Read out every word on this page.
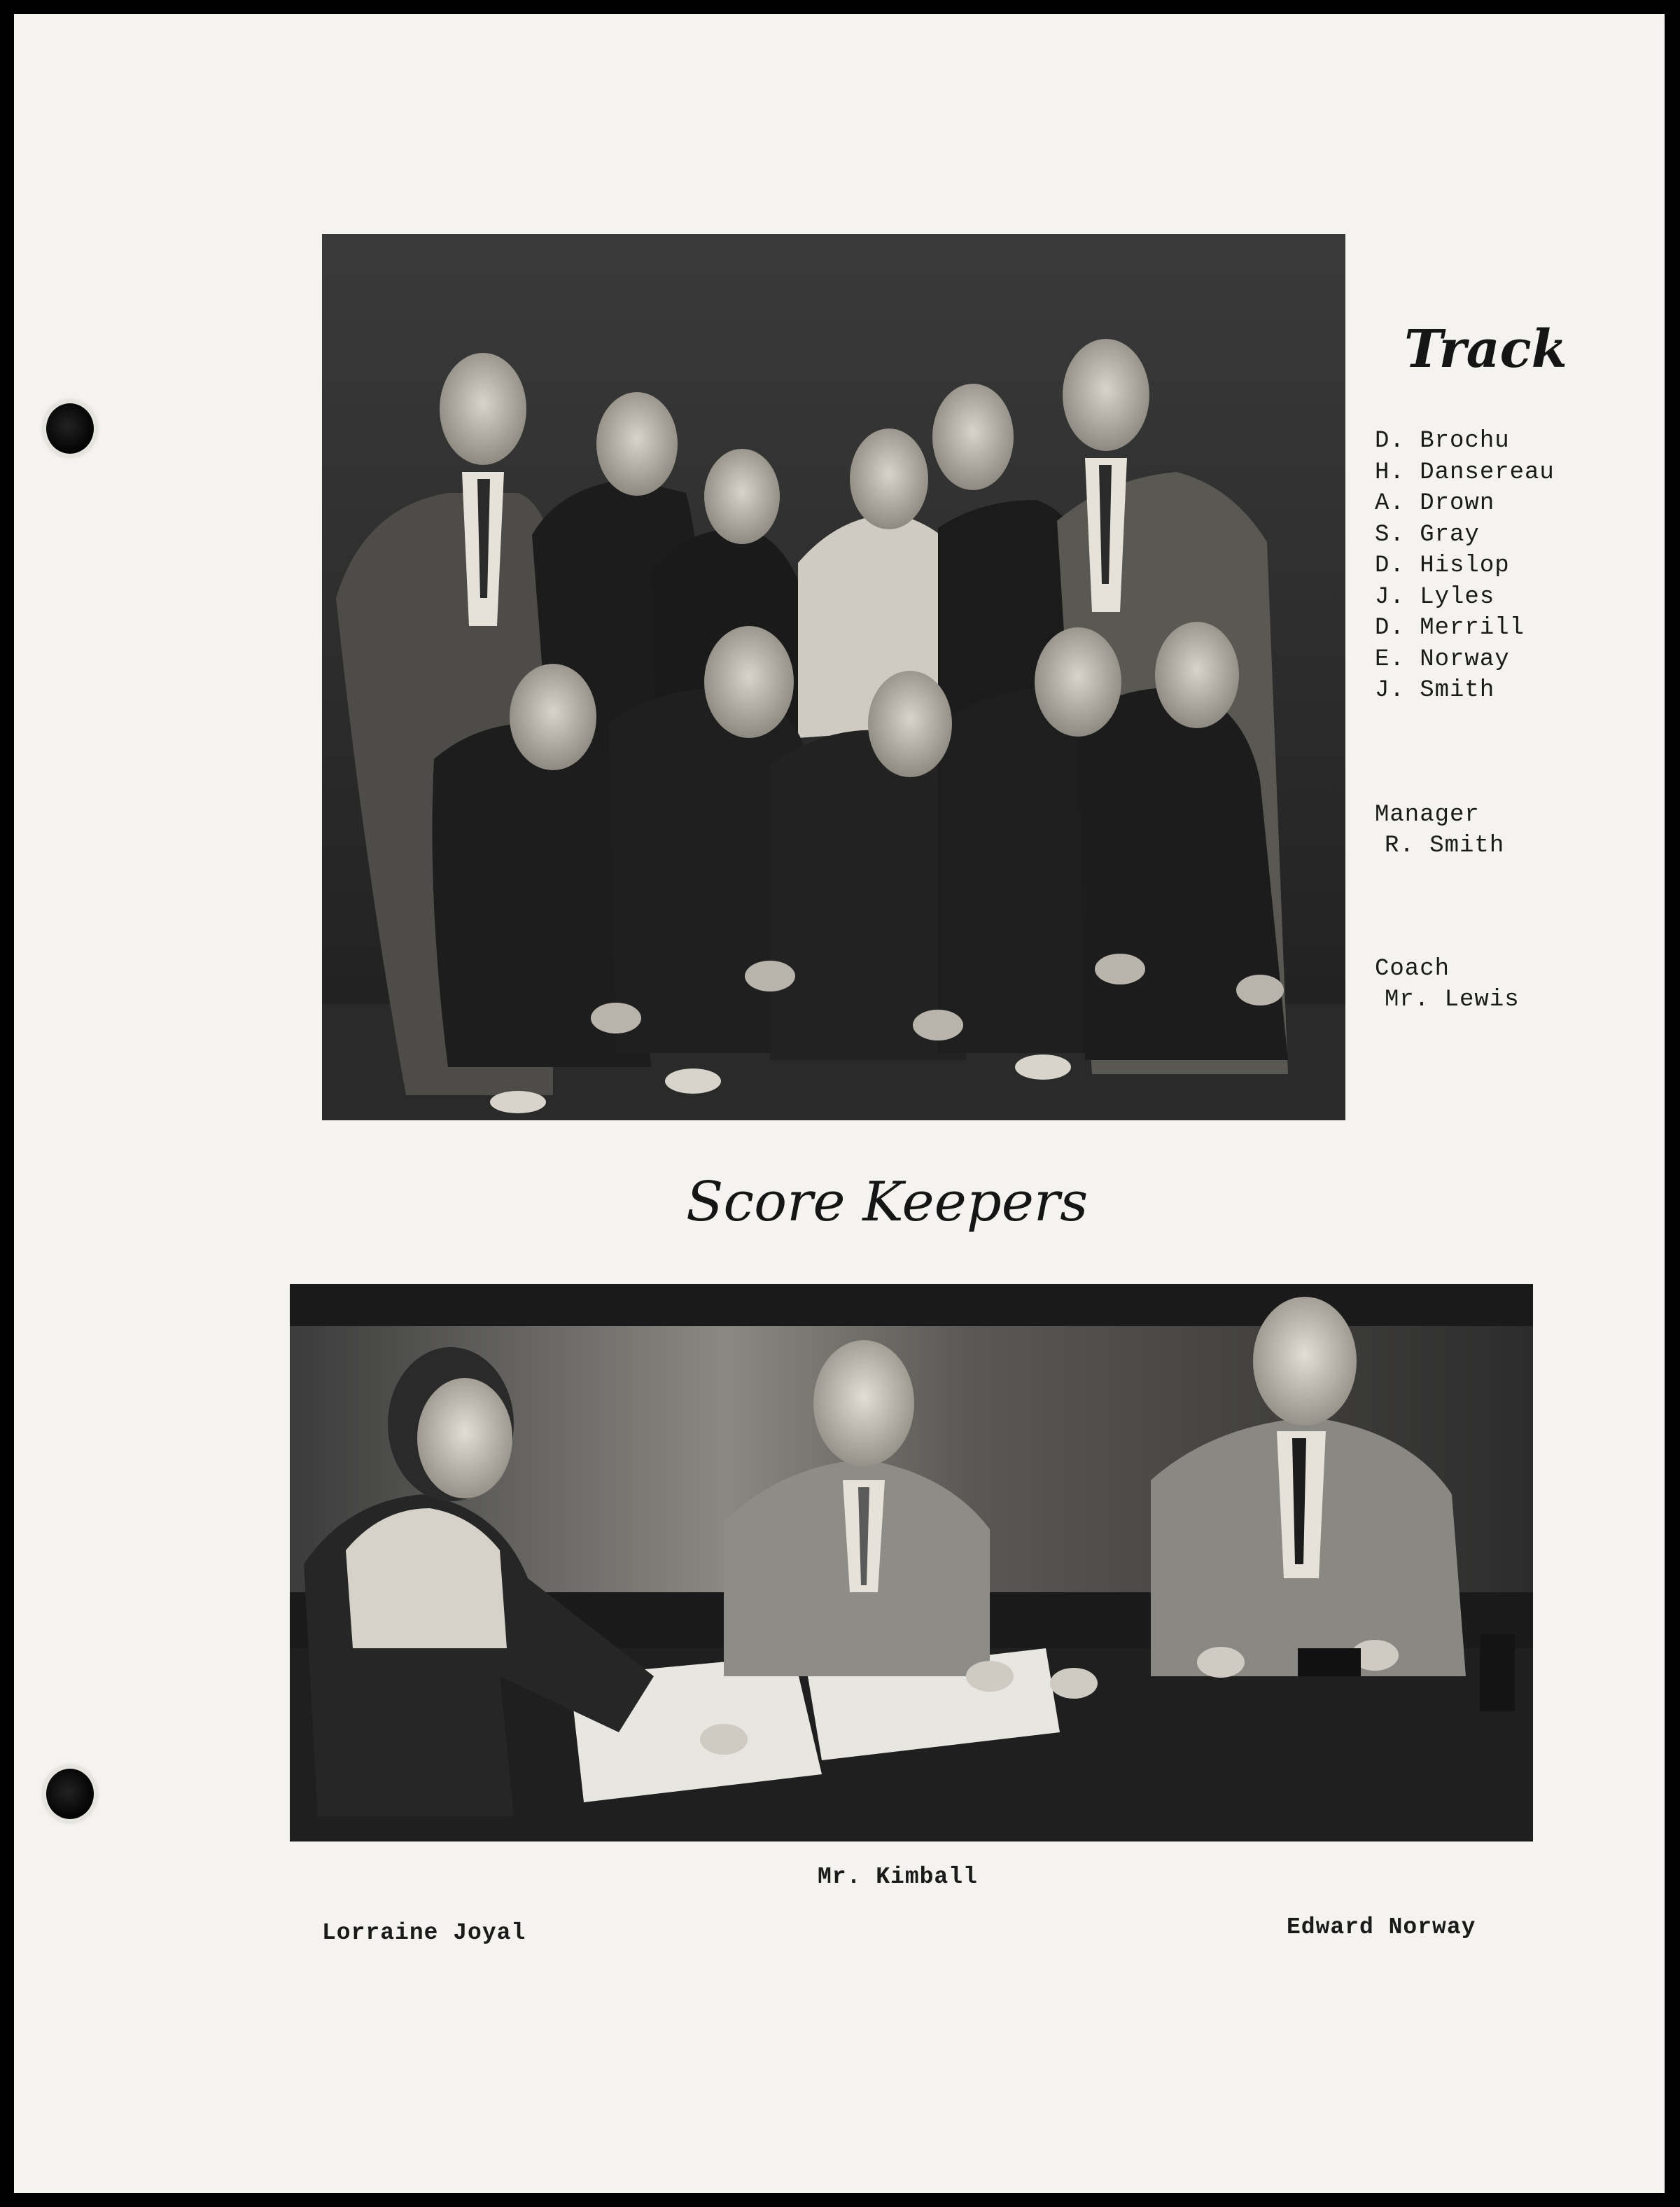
Track
D. Brochu
H. Dansereau
A. Drown
S. Gray
D. Hislop
J. Lyles
D. Merrill
E. Norway
J. Smith
Manager
R. Smith
Coach
Mr. Lewis
Score Keepers
Mr. Kimball
Lorraine Joyal	Edward Norway
